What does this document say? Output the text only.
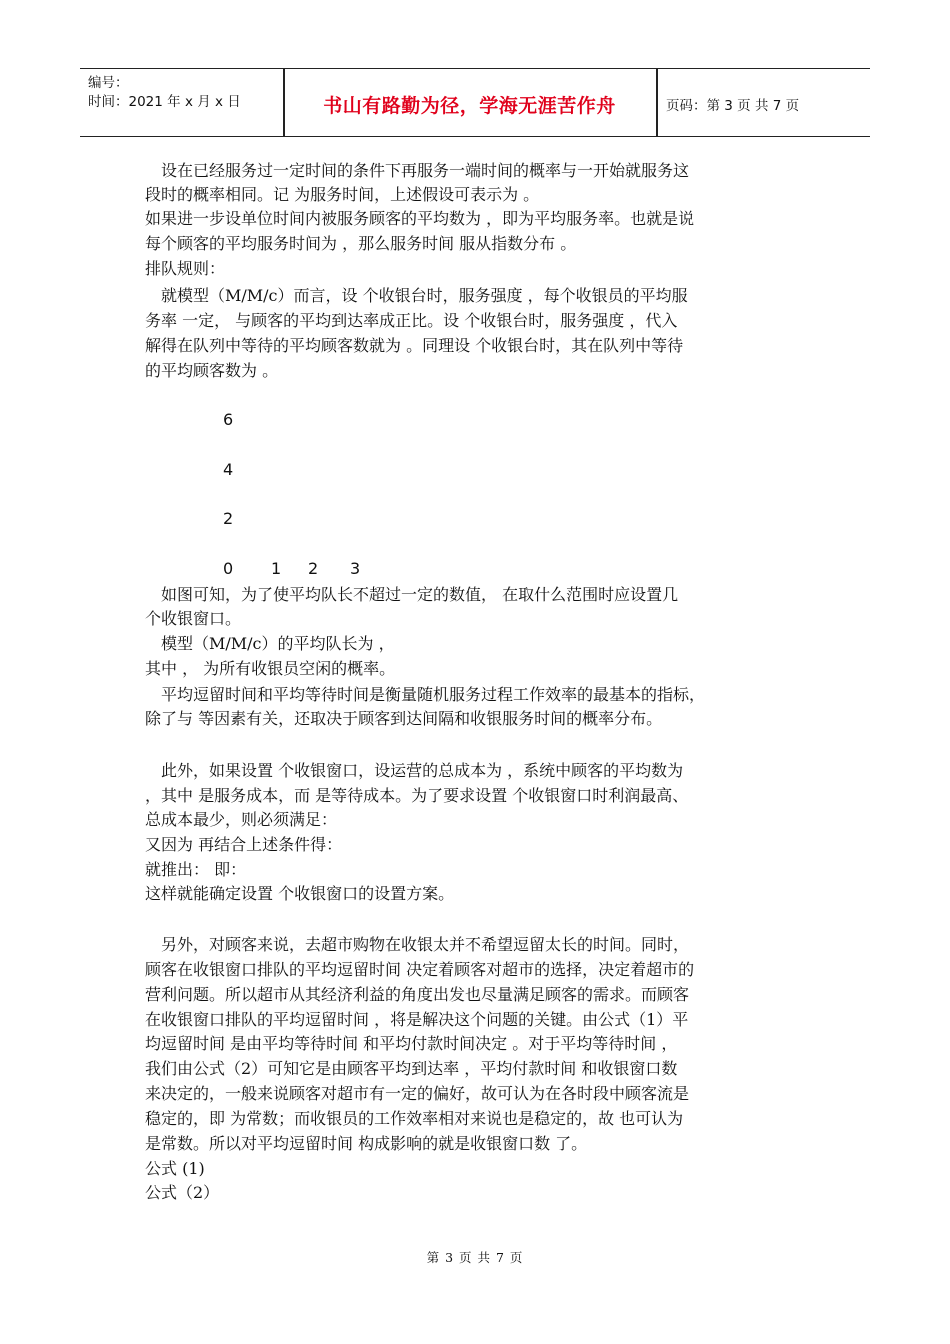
编号：
时间：2021 年 x 月 x 日	书山有路勤为径，学海无涯苦作舟	页码：第 3 页 共 7 页
　设在已经服务过一定时间的条件下再服务一端时间的概率与一开始就服务这
段时的概率相同。记 为服务时间，上述假设可表示为 。
如果进一步设单位时间内被服务顾客的平均数为 ，即为平均服务率。也就是说
每个顾客的平均服务时间为 ，那么服务时间 服从指数分布 。
排队规则：
　就模型（M/M/c）而言，设 个收银台时，服务强度 ，每个收银员的平均服
务率 一定， 与顾客的平均到达率成正比。设 个收银台时，服务强度 ，代入
解得在队列中等待的平均顾客数就为 。同理设 个收银台时，其在队列中等待
的平均顾客数为 。
6
4
2
0 1 2 3
　如图可知，为了使平均队长不超过一定的数值， 在取什么范围时应设置几
个收银窗口。
　模型（M/M/c）的平均队长为 ，
其中 ， 为所有收银员空闲的概率。
　平均逗留时间和平均等待时间是衡量随机服务过程工作效率的最基本的指标，
除了与 等因素有关，还取决于顾客到达间隔和收银服务时间的概率分布。
　此外，如果设置 个收银窗口，设运营的总成本为 ，系统中顾客的平均数为
，其中 是服务成本，而 是等待成本。为了要求设置 个收银窗口时利润最高、
总成本最少，则必须满足：
又因为 再结合上述条件得：
就推出： 即：
这样就能确定设置 个收银窗口的设置方案。
　另外，对顾客来说，去超市购物在收银太并不希望逗留太长的时间。同时，
顾客在收银窗口排队的平均逗留时间 决定着顾客对超市的选择，决定着超市的
营利问题。所以超市从其经济利益的角度出发也尽量满足顾客的需求。而顾客
在收银窗口排队的平均逗留时间 ，将是解决这个问题的关键。由公式（1）平
均逗留时间 是由平均等待时间 和平均付款时间决定 。对于平均等待时间 ，
我们由公式（2）可知它是由顾客平均到达率 ，平均付款时间 和收银窗口数
来决定的，一般来说顾客对超市有一定的偏好，故可认为在各时段中顾客流是
稳定的，即 为常数；而收银员的工作效率相对来说也是稳定的，故 也可认为
是常数。所以对平均逗留时间 构成影响的就是收银窗口数 了。
公式 (1)
公式（2）
第 3 页 共 7 页
